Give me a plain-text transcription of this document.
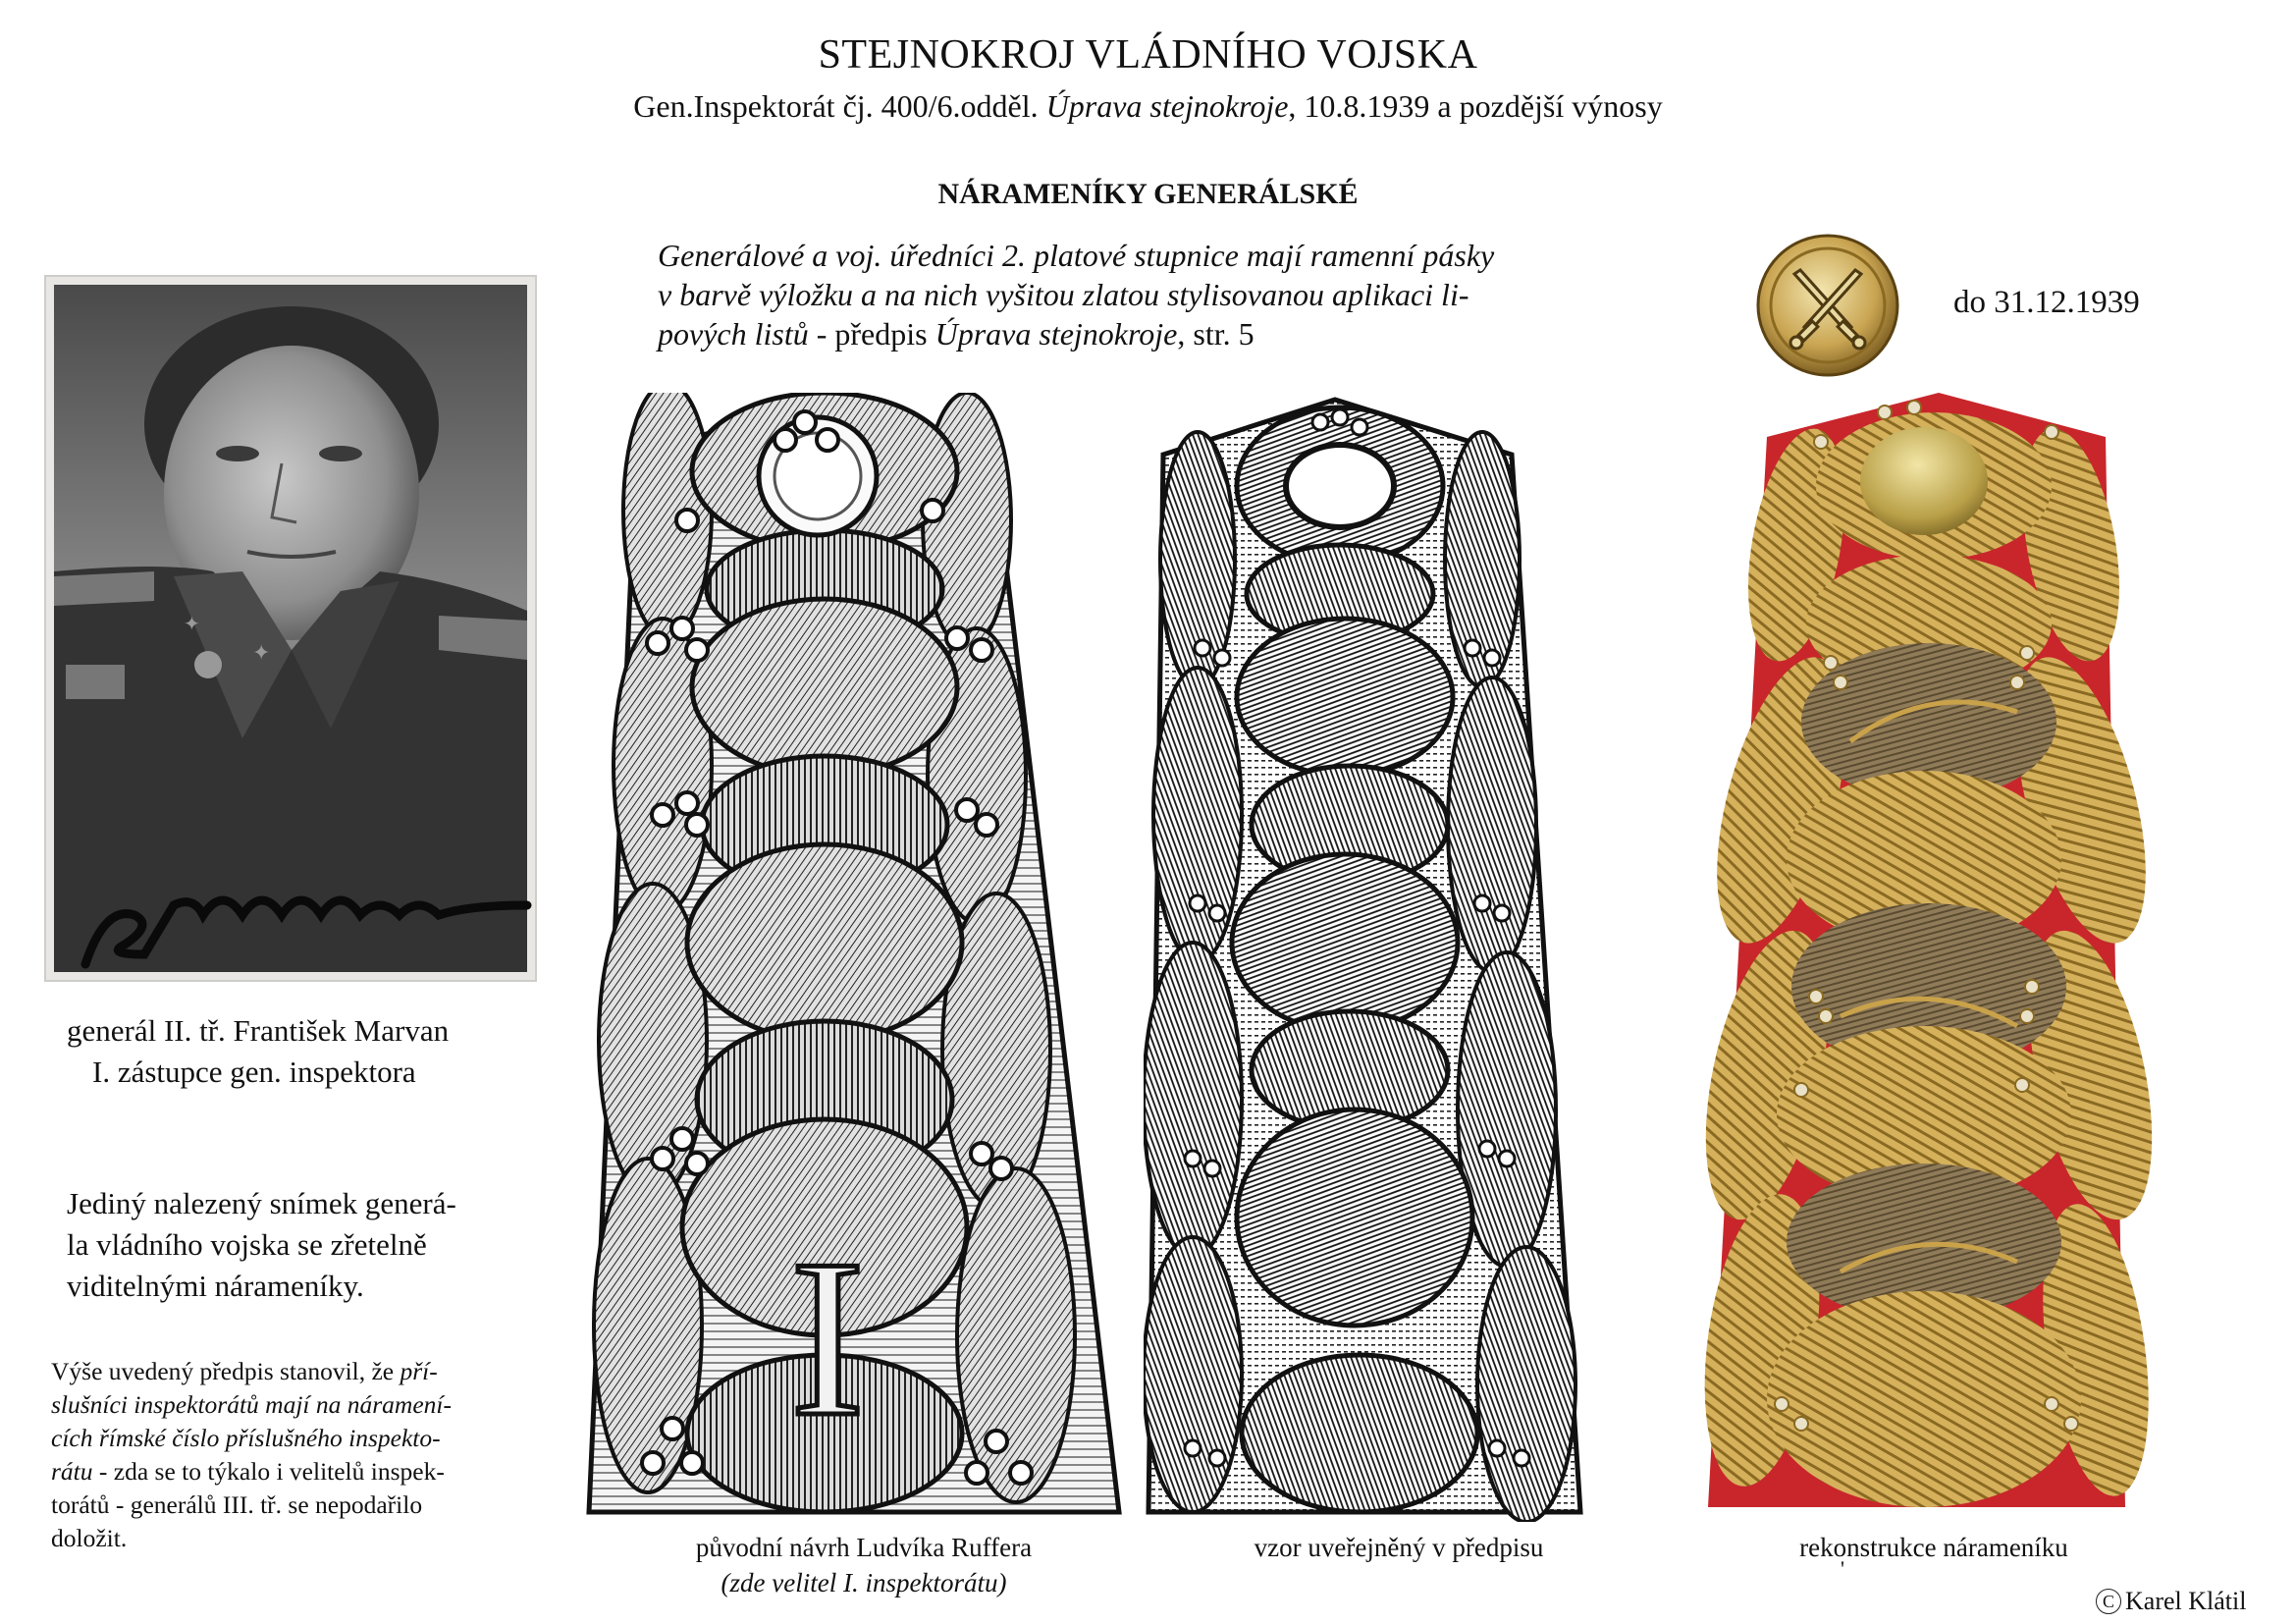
STEJNOKROJ VLÁDNÍHO VOJSKA
Gen.Inspektorát čj. 400/6.odděl. Úprava stejnokroje, 10.8.1939 a pozdější výnosy
NÁRAMENÍKY GENERÁLSKÉ
Generálové a voj. úředníci 2. platové stupnice mají ramenní pásky
v barvě výložku a na nich vyšitou zlatou stylisovanou aplikaci li-
pových listů - předpis Úprava stejnokroje, str. 5
do 31.12.1939
✦
✦
generál II. tř. František Marvan
I. zástupce gen. inspektora
Jediný nalezený snímek generá-
la vládního vojska se zřetelně
viditelnými nárameníky.
Výše uvedený předpis stanovil, že pří-
slušníci inspektorátů mají na náramení-
cích římské číslo příslušného inspekto-
rátu - zda se to týkalo i velitelů inspek-
torátů - generálů III. tř. se nepodařilo
doložit.
I
původní návrh Ludvíka Ruffera
(zde velitel I. inspektorátu)
vzor uveřejněný v předpisu	rekonstrukce nárameníku
'
C Karel Klátil
